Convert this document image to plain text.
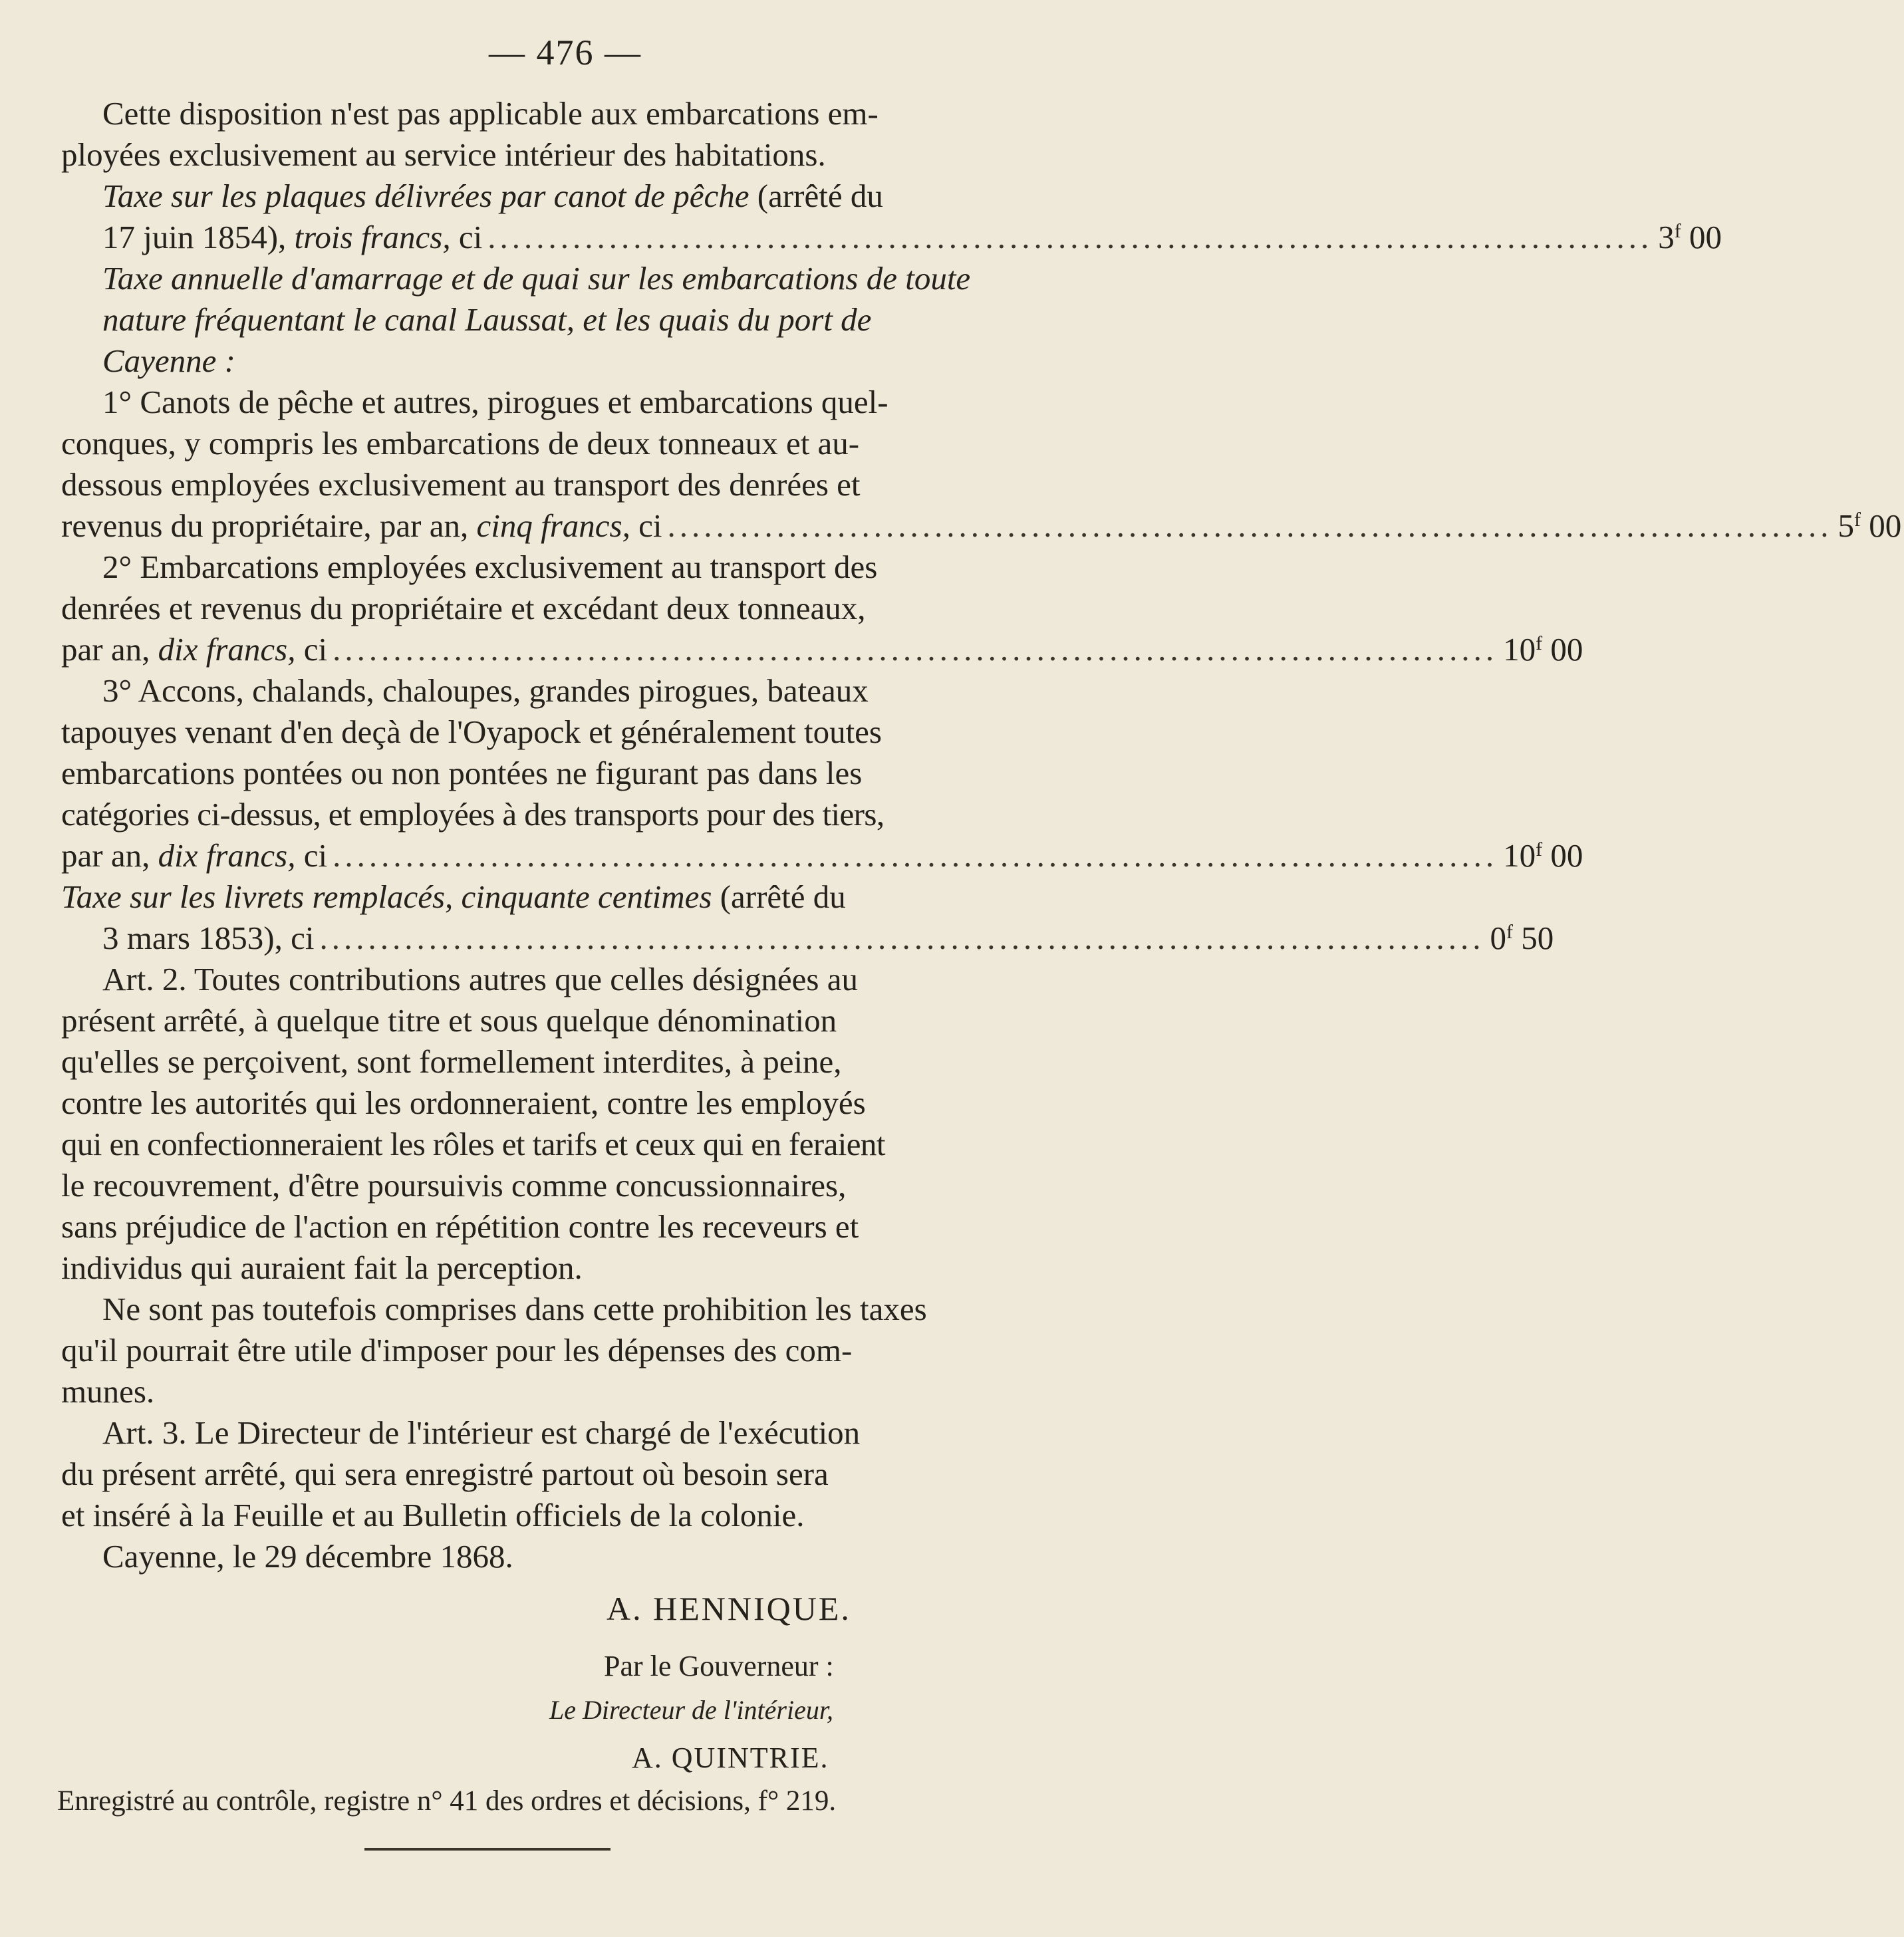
— 476 —

Cette disposition n'est pas applicable aux embarcations em-
ployées exclusivement au service intérieur des habitations.

Taxe sur les plaques délivrées par canot de pêche (arrêté du
17 juin 1854),
trois francs,
ci ................................................................................................ 3$^f$ 00
Taxe annuelle d'amarrage et de quai sur les embarcations de toute
nature fréquentant le canal Laussat, et les quais du port de
Cayenne :
1° Canots de pêche et autres, pirogues et embarcations quel-
conques, y compris les embarcations de deux tonneaux et au-
dessous employées exclusivement au transport des denrées et
revenus du propriétaire, par an,
cinq francs,
ci ................................................................................................ 5$^f$ 00
2° Embarcations employées exclusivement au transport des
denrées et revenus du propriétaire et excédant deux tonneaux,
par an,
dix francs,
ci ................................................................................................ 10$^f$ 00
3° Accons, chalands, chaloupes, grandes pirogues, bateaux
tapouyes venant d'en deçà de l'Oyapock et généralement toutes
embarcations pontées ou non pontées ne figurant pas dans les
catégories ci-dessus, et employées à des transports pour des tiers,
par an,
dix francs,
ci ................................................................................................ 10$^f$ 00
Taxe sur les livrets remplacés, cinquante centimes (arrêté du
3 mars 1853), ci ................................................................................................ 0$^f$ 50
Art. 2. Toutes contributions autres que celles désignées au
présent arrêté, à quelque titre et sous quelque dénomination
qu'elles se perçoivent, sont formellement interdites, à peine,
contre les autorités qui les ordonneraient, contre les employés
qui en confectionneraient les rôles et tarifs et ceux qui en feraient
le recouvrement, d'être poursuivis comme concussionnaires,
sans préjudice de l'action en répétition contre les receveurs et
individus qui auraient fait la perception.
Ne sont pas toutefois comprises dans cette prohibition les taxes
qu'il pourrait être utile d'imposer pour les dépenses des com-
munes.
Art. 3. Le Directeur de l'intérieur est chargé de l'exécution
du présent arrêté, qui sera enregistré partout où besoin sera
et inséré à la Feuille et au Bulletin officiels de la colonie.
Cayenne, le 29 décembre 1868.
A. HENNIQUE.
Par le Gouverneur :
Le Directeur de l'intérieur,
A. QUINTRIE.
Enregistré au contrôle, registre n° 41 des ordres et décisions, f° 219.
